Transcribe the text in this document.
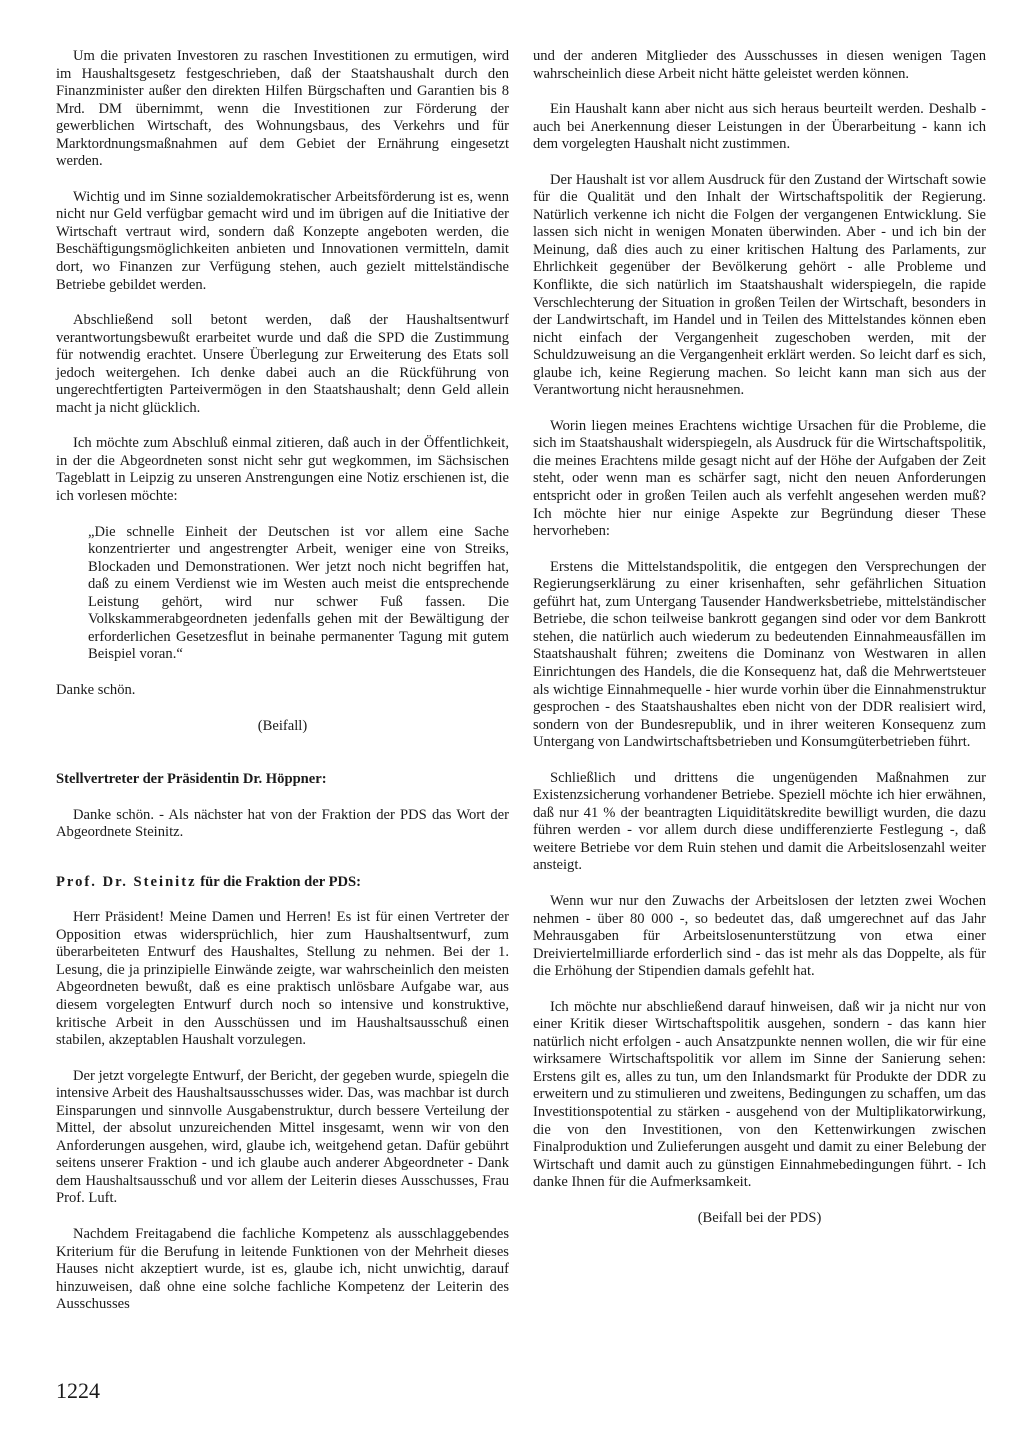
Um die privaten Investoren zu raschen Investitionen zu ermutigen, wird im Haushaltsgesetz festgeschrieben, daß der Staatshaushalt durch den Finanzminister außer den direkten Hilfen Bürgschaften und Garantien bis 8 Mrd. DM übernimmt, wenn die Investitionen zur Förderung der gewerblichen Wirtschaft, des Wohnungsbaus, des Verkehrs und für Marktordnungsmaßnahmen auf dem Gebiet der Ernährung eingesetzt werden.

Wichtig und im Sinne sozialdemokratischer Arbeitsförderung ist es, wenn nicht nur Geld verfügbar gemacht wird und im übrigen auf die Initiative der Wirtschaft vertraut wird, sondern daß Konzepte angeboten werden, die Beschäftigungsmöglichkeiten anbieten und Innovationen vermitteln, damit dort, wo Finanzen zur Verfügung stehen, auch gezielt mittelständische Betriebe gebildet werden.

Abschließend soll betont werden, daß der Haushaltsentwurf verantwortungsbewußt erarbeitet wurde und daß die SPD die Zustimmung für notwendig erachtet. Unsere Überlegung zur Erweiterung des Etats soll jedoch weitergehen. Ich denke dabei auch an die Rückführung von ungerechtfertigten Parteivermögen in den Staatshaushalt; denn Geld allein macht ja nicht glücklich.

Ich möchte zum Abschluß einmal zitieren, daß auch in der Öffentlichkeit, in der die Abgeordneten sonst nicht sehr gut wegkommen, im Sächsischen Tageblatt in Leipzig zu unseren Anstrengungen eine Notiz erschienen ist, die ich vorlesen möchte:

„Die schnelle Einheit der Deutschen ist vor allem eine Sache konzentrierter und angestrengter Arbeit, weniger eine von Streiks, Blockaden und Demonstrationen. Wer jetzt noch nicht begriffen hat, daß zu einem Verdienst wie im Westen auch meist die entsprechende Leistung gehört, wird nur schwer Fuß fassen. Die Volkskammerabgeordneten jedenfalls gehen mit der Bewältigung der erforderlichen Gesetzesflut in beinahe permanenter Tagung mit gutem Beispiel voran.“

Danke schön.

(Beifall)

Stellvertreter der Präsidentin Dr. Höppner:

Danke schön. - Als nächster hat von der Fraktion der PDS das Wort der Abgeordnete Steinitz.

Prof. Dr. Steinitz für die Fraktion der PDS:

Herr Präsident! Meine Damen und Herren! Es ist für einen Vertreter der Opposition etwas widersprüchlich, hier zum Haushaltsentwurf, zum überarbeiteten Entwurf des Haushaltes, Stellung zu nehmen. Bei der 1. Lesung, die ja prinzipielle Einwände zeigte, war wahrscheinlich den meisten Abgeordneten bewußt, daß es eine praktisch unlösbare Aufgabe war, aus diesem vorgelegten Entwurf durch noch so intensive und konstruktive, kritische Arbeit in den Ausschüssen und im Haushaltsausschuß einen stabilen, akzeptablen Haushalt vorzulegen.

Der jetzt vorgelegte Entwurf, der Bericht, der gegeben wurde, spiegeln die intensive Arbeit des Haushaltsausschusses wider. Das, was machbar ist durch Einsparungen und sinnvolle Ausgabenstruktur, durch bessere Verteilung der Mittel, der absolut unzureichenden Mittel insgesamt, wenn wir von den Anforderungen ausgehen, wird, glaube ich, weitgehend getan. Dafür gebührt seitens unserer Fraktion - und ich glaube auch anderer Abgeordneter - Dank dem Haushaltsausschuß und vor allem der Leiterin dieses Ausschusses, Frau Prof. Luft.

Nachdem Freitagabend die fachliche Kompetenz als ausschlaggebendes Kriterium für die Berufung in leitende Funktionen von der Mehrheit dieses Hauses nicht akzeptiert wurde, ist es, glaube ich, nicht unwichtig, darauf hinzuweisen, daß ohne eine solche fachliche Kompetenz der Leiterin des Ausschusses

und der anderen Mitglieder des Ausschusses in diesen wenigen Tagen wahrscheinlich diese Arbeit nicht hätte geleistet werden können.

Ein Haushalt kann aber nicht aus sich heraus beurteilt werden. Deshalb - auch bei Anerkennung dieser Leistungen in der Überarbeitung - kann ich dem vorgelegten Haushalt nicht zustimmen.

Der Haushalt ist vor allem Ausdruck für den Zustand der Wirtschaft sowie für die Qualität und den Inhalt der Wirtschaftspolitik der Regierung. Natürlich verkenne ich nicht die Folgen der vergangenen Entwicklung. Sie lassen sich nicht in wenigen Monaten überwinden. Aber - und ich bin der Meinung, daß dies auch zu einer kritischen Haltung des Parlaments, zur Ehrlichkeit gegenüber der Bevölkerung gehört - alle Probleme und Konflikte, die sich natürlich im Staatshaushalt widerspiegeln, die rapide Verschlechterung der Situation in großen Teilen der Wirtschaft, besonders in der Landwirtschaft, im Handel und in Teilen des Mittelstandes können eben nicht einfach der Vergangenheit zugeschoben werden, mit der Schuldzuweisung an die Vergangenheit erklärt werden. So leicht darf es sich, glaube ich, keine Regierung machen. So leicht kann man sich aus der Verantwortung nicht herausnehmen.

Worin liegen meines Erachtens wichtige Ursachen für die Probleme, die sich im Staatshaushalt widerspiegeln, als Ausdruck für die Wirtschaftspolitik, die meines Erachtens milde gesagt nicht auf der Höhe der Aufgaben der Zeit steht, oder wenn man es schärfer sagt, nicht den neuen Anforderungen entspricht oder in großen Teilen auch als verfehlt angesehen werden muß? Ich möchte hier nur einige Aspekte zur Begründung dieser These hervorheben:

Erstens die Mittelstandspolitik, die entgegen den Versprechungen der Regierungserklärung zu einer krisenhaften, sehr gefährlichen Situation geführt hat, zum Untergang Tausender Handwerksbetriebe, mittelständischer Betriebe, die schon teilweise bankrott gegangen sind oder vor dem Bankrott stehen, die natürlich auch wiederum zu bedeutenden Einnahmeausfällen im Staatshaushalt führen; zweitens die Dominanz von Westwaren in allen Einrichtungen des Handels, die die Konsequenz hat, daß die Mehrwertsteuer als wichtige Einnahmequelle - hier wurde vorhin über die Einnahmenstruktur gesprochen - des Staatshaushaltes eben nicht von der DDR realisiert wird, sondern von der Bundesrepublik, und in ihrer weiteren Konsequenz zum Untergang von Landwirtschaftsbetrieben und Konsumgüterbetrieben führt.

Schließlich und drittens die ungenügenden Maßnahmen zur Existenzsicherung vorhandener Betriebe. Speziell möchte ich hier erwähnen, daß nur 41 % der beantragten Liquiditätskredite bewilligt wurden, die dazu führen werden - vor allem durch diese undifferenzierte Festlegung -, daß weitere Betriebe vor dem Ruin stehen und damit die Arbeitslosenzahl weiter ansteigt.

Wenn wur nur den Zuwachs der Arbeitslosen der letzten zwei Wochen nehmen - über 80 000 -, so bedeutet das, daß umgerechnet auf das Jahr Mehrausgaben für Arbeitslosenunterstützung von etwa einer Dreiviertelmilliarde erforderlich sind - das ist mehr als das Doppelte, als für die Erhöhung der Stipendien damals gefehlt hat.

Ich möchte nur abschließend darauf hinweisen, daß wir ja nicht nur von einer Kritik dieser Wirtschaftspolitik ausgehen, sondern - das kann hier natürlich nicht erfolgen - auch Ansatzpunkte nennen wollen, die wir für eine wirksamere Wirtschaftspolitik vor allem im Sinne der Sanierung sehen: Erstens gilt es, alles zu tun, um den Inlandsmarkt für Produkte der DDR zu erweitern und zu stimulieren und zweitens, Bedingungen zu schaffen, um das Investitionspotential zu stärken - ausgehend von der Multiplikatorwirkung, die von den Investitionen, von den Kettenwirkungen zwischen Finalproduktion und Zulieferungen ausgeht und damit zu einer Belebung der Wirtschaft und damit auch zu günstigen Einnahmebedingungen führt. - Ich danke Ihnen für die Aufmerksamkeit.

(Beifall bei der PDS)

1224
